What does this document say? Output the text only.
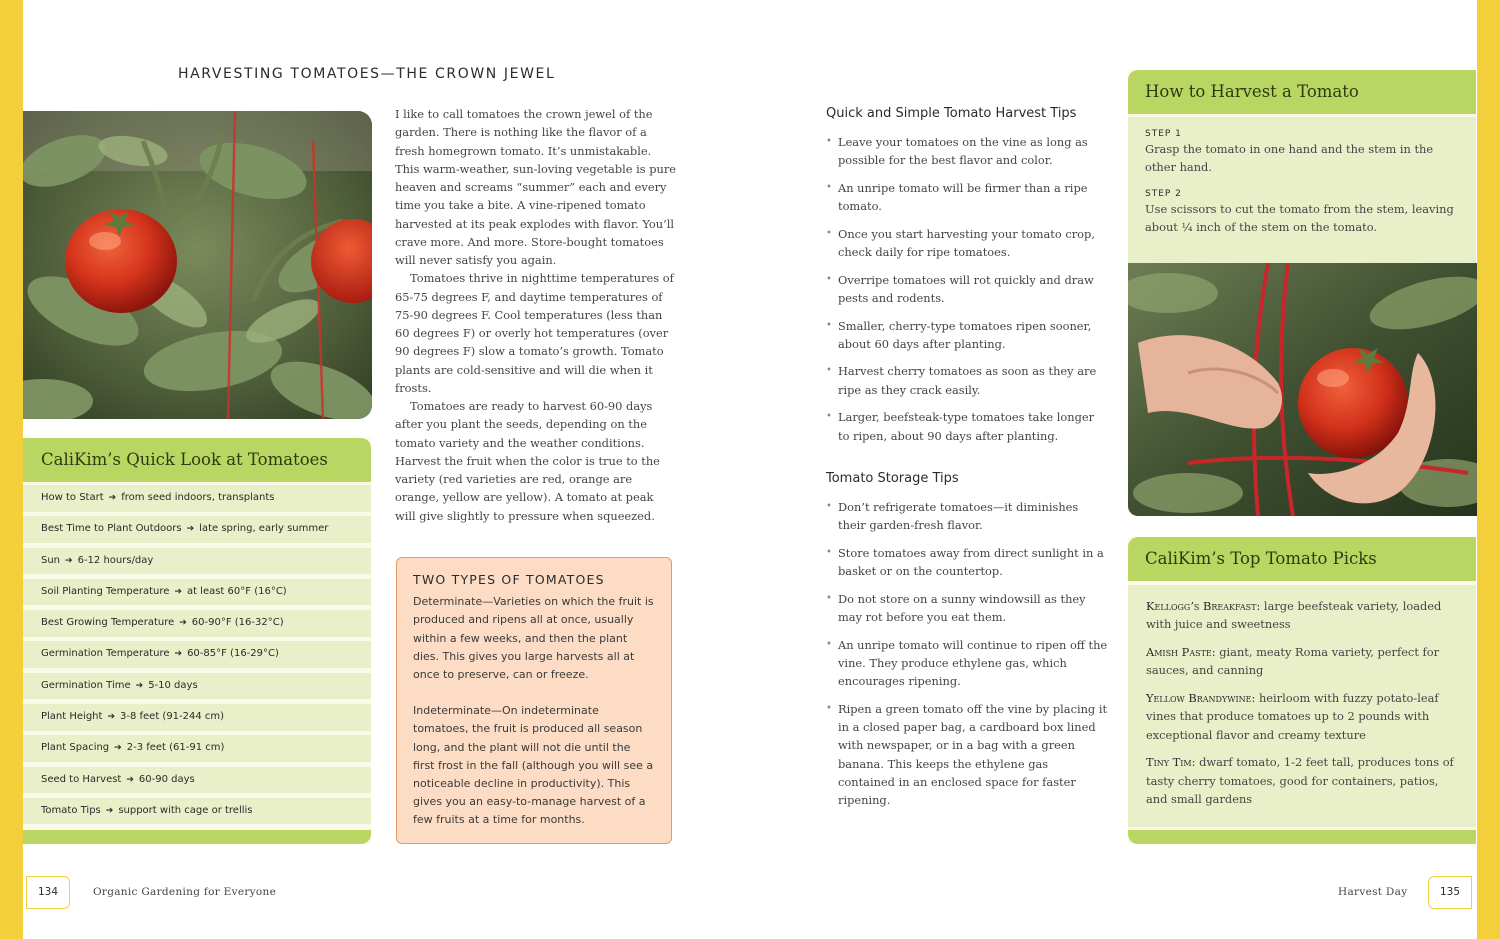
HARVESTING TOMATOES—THE CROWN JEWEL

I like to call tomatoes the crown jewel of the garden. There is nothing like the flavor of a fresh homegrown tomato. It’s unmistakable. This warm-weather, sun-loving vegetable is pure heaven and screams “summer” each and every time you take a bite. A vine-ripened tomato harvested at its peak explodes with flavor. You’ll crave more. And more. Store-bought tomatoes will never satisfy you again.

Tomatoes thrive in nighttime temperatures of 65-75 degrees F, and daytime temperatures of 75-90 degrees F. Cool temperatures (less than 60 degrees F) or overly hot temperatures (over 90 degrees F) slow a tomato’s growth. Tomato plants are cold-sensitive and will die when it frosts.

Tomatoes are ready to harvest 60-90 days after you plant the seeds, depending on the tomato variety and the weather conditions. Harvest the fruit when the color is true to the variety (red varieties are red, orange are orange, yellow are yellow). A tomato at peak will give slightly to pressure when squeezed.

CaliKim’s Quick Look at Tomatoes
How to Start ➔ from seed indoors, transplants
Best Time to Plant Outdoors ➔ late spring, early summer
Sun ➔ 6-12 hours/day
Soil Planting Temperature ➔ at least 60°F (16°C)
Best Growing Temperature ➔ 60-90°F (16-32°C)
Germination Temperature ➔ 60-85°F (16-29°C)
Germination Time ➔ 5-10 days
Plant Height ➔ 3-8 feet (91-244 cm)
Plant Spacing ➔ 2-3 feet (61-91 cm)
Seed to Harvest ➔ 60-90 days
Tomato Tips ➔ support with cage or trellis
TWO TYPES OF TOMATOES

Determinate—Varieties on which the fruit is produced and ripens all at once, usually within a few weeks, and then the plant dies. This gives you large harvests all at once to preserve, can or freeze.

Indeterminate—On indeterminate tomatoes, the fruit is produced all season long, and the plant will not die until the first frost in the fall (although you will see a noticeable decline in productivity). This gives you an easy-to-manage harvest of a few fruits at a time for months.

134	Organic Gardening for Everyone
Quick and Simple Tomato Harvest Tips
• Leave your tomatoes on the vine as long as possible for the best flavor and color.
• An unripe tomato will be firmer than a ripe tomato.
• Once you start harvesting your tomato crop, check daily for ripe tomatoes.
• Overripe tomatoes will rot quickly and draw pests and rodents.
• Smaller, cherry-type tomatoes ripen sooner, about 60 days after planting.
• Harvest cherry tomatoes as soon as they are ripe as they crack easily.
• Larger, beefsteak-type tomatoes take longer to ripen, about 90 days after planting.
Tomato Storage Tips
• Don’t refrigerate tomatoes—it diminishes their garden-fresh flavor.
• Store tomatoes away from direct sunlight in a basket or on the countertop.
• Do not store on a sunny windowsill as they may rot before you eat them.
• An unripe tomato will continue to ripen off the vine. They produce ethylene gas, which encourages ripening.
• Ripen a green tomato off the vine by placing it in a closed paper bag, a cardboard box lined with newspaper, or in a bag with a green banana. This keeps the ethylene gas contained in an enclosed space for faster ripening.
How to Harvest a Tomato
STEP 1
Grasp the tomato in one hand and the stem in the other hand.
STEP 2
Use scissors to cut the tomato from the stem, leaving about ¼ inch of the stem on the tomato.
CaliKim’s Top Tomato Picks

Kellogg’s Breakfast: large beefsteak variety, loaded with juice and sweetness

Amish Paste: giant, meaty Roma variety, perfect for sauces, and canning

Yellow Brandywine: heirloom with fuzzy potato-leaf vines that produce tomatoes up to 2 pounds with exceptional flavor and creamy texture

Tiny Tim: dwarf tomato, 1-2 feet tall, produces tons of tasty cherry tomatoes, good for containers, patios, and small gardens

Harvest Day	135
